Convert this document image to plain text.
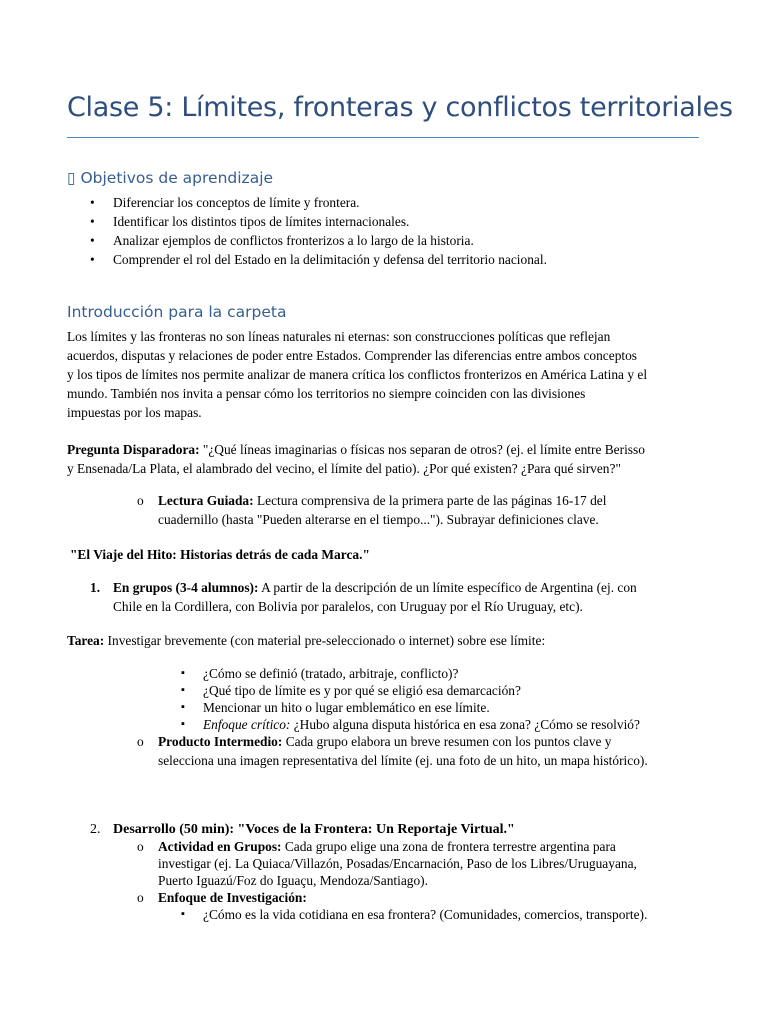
Clase 5: Límites, fronteras y conflictos territoriales
▯ Objetivos de aprendizaje
• Diferenciar los conceptos de límite y frontera.
• Identificar los distintos tipos de límites internacionales.
• Analizar ejemplos de conflictos fronterizos a lo largo de la historia.
• Comprender el rol del Estado en la delimitación y defensa del territorio nacional.
Introducción para la carpeta
Los límites y las fronteras no son líneas naturales ni eternas: son construcciones políticas que reflejan
acuerdos, disputas y relaciones de poder entre Estados. Comprender las diferencias entre ambos conceptos
y los tipos de límites nos permite analizar de manera crítica los conflictos fronterizos en América Latina y el
mundo. También nos invita a pensar cómo los territorios no siempre coinciden con las divisiones
impuestas por los mapas.
Pregunta Disparadora: "¿Qué líneas imaginarias o físicas nos separan de otros? (ej. el límite entre Berisso
y Ensenada/La Plata, el alambrado del vecino, el límite del patio). ¿Por qué existen? ¿Para qué sirven?"
o Lectura Guiada: Lectura comprensiva de la primera parte de las páginas 16-17 del
cuadernillo (hasta "Pueden alterarse en el tiempo..."). Subrayar definiciones clave.
"El Viaje del Hito: Historias detrás de cada Marca."
1. En grupos (3-4 alumnos): A partir de la descripción de un límite específico de Argentina (ej. con
Chile en la Cordillera, con Bolivia por paralelos, con Uruguay por el Río Uruguay, etc).
Tarea: Investigar brevemente (con material pre-seleccionado o internet) sobre ese límite:
▪ ¿Cómo se definió (tratado, arbitraje, conflicto)?
▪ ¿Qué tipo de límite es y por qué se eligió esa demarcación?
▪ Mencionar un hito o lugar emblemático en ese límite.
▪ Enfoque crítico: ¿Hubo alguna disputa histórica en esa zona? ¿Cómo se resolvió?
o Producto Intermedio: Cada grupo elabora un breve resumen con los puntos clave y
selecciona una imagen representativa del límite (ej. una foto de un hito, un mapa histórico).
2. Desarrollo (50 min): "Voces de la Frontera: Un Reportaje Virtual."
o Actividad en Grupos: Cada grupo elige una zona de frontera terrestre argentina para
investigar (ej. La Quiaca/Villazón, Posadas/Encarnación, Paso de los Libres/Uruguayana,
Puerto Iguazú/Foz do Iguaçu, Mendoza/Santiago).
o Enfoque de Investigación:
▪ ¿Cómo es la vida cotidiana en esa frontera? (Comunidades, comercios, transporte).
